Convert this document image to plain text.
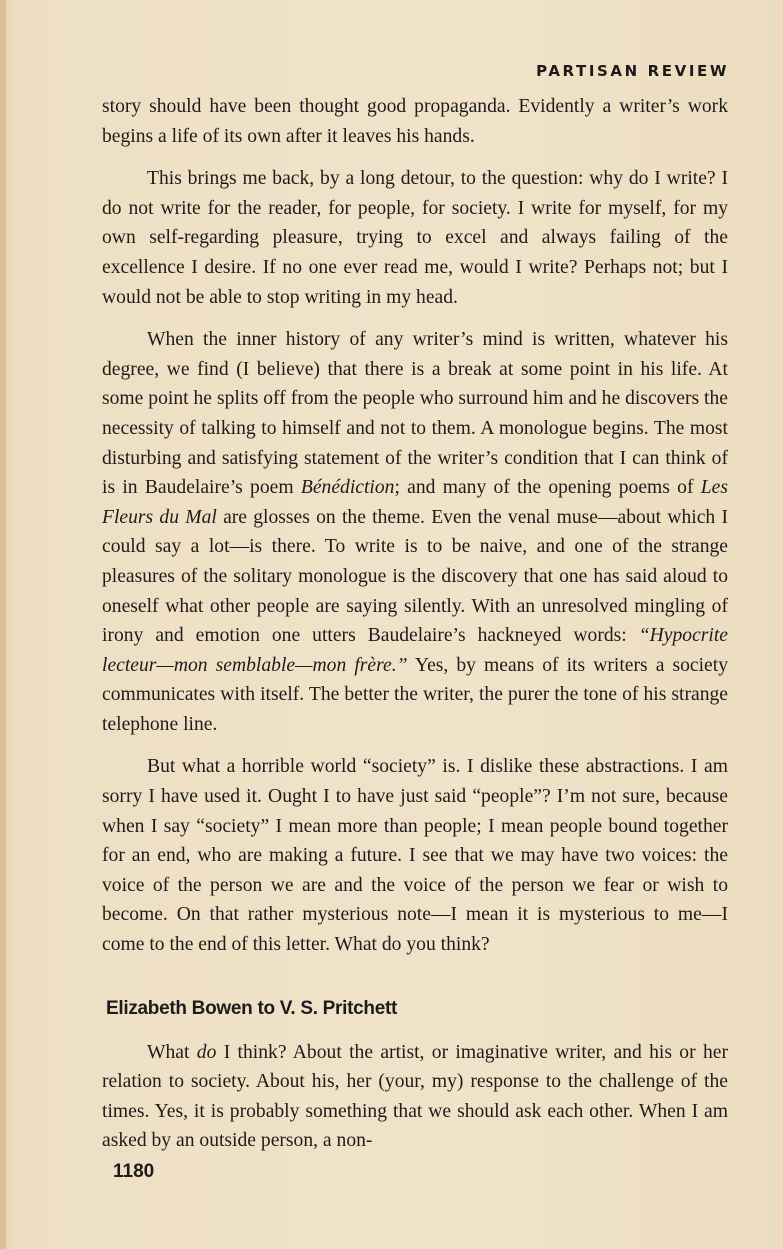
PARTISAN REVIEW

story should have been thought good propaganda. Evidently a writer’s work begins a life of its own after it leaves his hands.

This brings me back, by a long detour, to the question: why do I write? I do not write for the reader, for people, for society. I write for myself, for my own self-regarding pleasure, trying to excel and always failing of the excellence I desire. If no one ever read me, would I write? Perhaps not; but I would not be able to stop writing in my head.

When the inner history of any writer’s mind is written, whatever his degree, we find (I believe) that there is a break at some point in his life. At some point he splits off from the people who surround him and he discovers the necessity of talking to himself and not to them. A monologue begins. The most disturbing and satisfying statement of the writer’s condition that I can think of is in Baudelaire’s poem Bénédiction; and many of the opening poems of Les Fleurs du Mal are glosses on the theme. Even the venal muse—about which I could say a lot—is there. To write is to be naive, and one of the strange pleasures of the solitary monologue is the discovery that one has said aloud to oneself what other people are saying silently. With an unresolved mingling of irony and emotion one utters Baudelaire’s hackneyed words: “Hypocrite lecteur—mon semblable—mon frère.” Yes, by means of its writers a society communicates with itself. The better the writer, the purer the tone of his strange telephone line.

But what a horrible world “society” is. I dislike these abstractions. I am sorry I have used it. Ought I to have just said “people”? I’m not sure, because when I say “society” I mean more than people; I mean people bound together for an end, who are making a future. I see that we may have two voices: the voice of the person we are and the voice of the person we fear or wish to become. On that rather mysterious note—I mean it is mysterious to me—I come to the end of this letter. What do you think?

Elizabeth Bowen to V. S. Pritchett

What do I think? About the artist, or imaginative writer, and his or her relation to society. About his, her (your, my) response to the challenge of the times. Yes, it is probably something that we should ask each other. When I am asked by an outside person, a non-

1180
